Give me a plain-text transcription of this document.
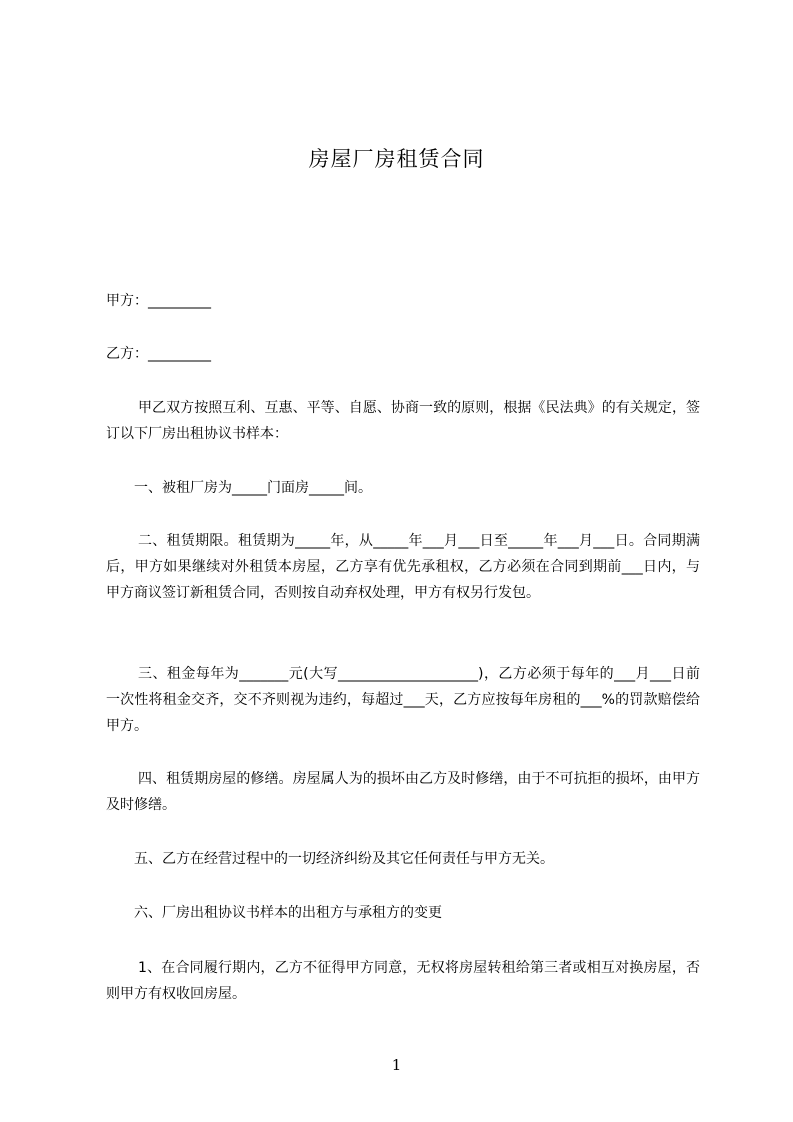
房屋厂房租赁合同
甲方：_________
乙方：_________
甲乙双方按照互利、互惠、平等、自愿、协商一致的原则，根据《民法典》的有关规定，签订以下厂房出租协议书样本：
一、被租厂房为_____门面房_____间。
二、租赁期限。租赁期为_____年，从_____年___月___日至_____年___月___日。合同期满后，甲方如果继续对外租赁本房屋，乙方享有优先承租权，乙方必须在合同到期前___日内，与甲方商议签订新租赁合同，否则按自动弃权处理，甲方有权另行发包。
三、租金每年为_______元(大写____________________)，乙方必须于每年的___月___日前一次性将租金交齐，交不齐则视为违约，每超过___天，乙方应按每年房租的___%的罚款赔偿给甲方。
四、租赁期房屋的修缮。房屋属人为的损坏由乙方及时修缮，由于不可抗拒的损坏，由甲方及时修缮。
五、乙方在经营过程中的一切经济纠纷及其它任何责任与甲方无关。
六、厂房出租协议书样本的出租方与承租方的变更
1、在合同履行期内，乙方不征得甲方同意，无权将房屋转租给第三者或相互对换房屋，否则甲方有权收回房屋。
1
